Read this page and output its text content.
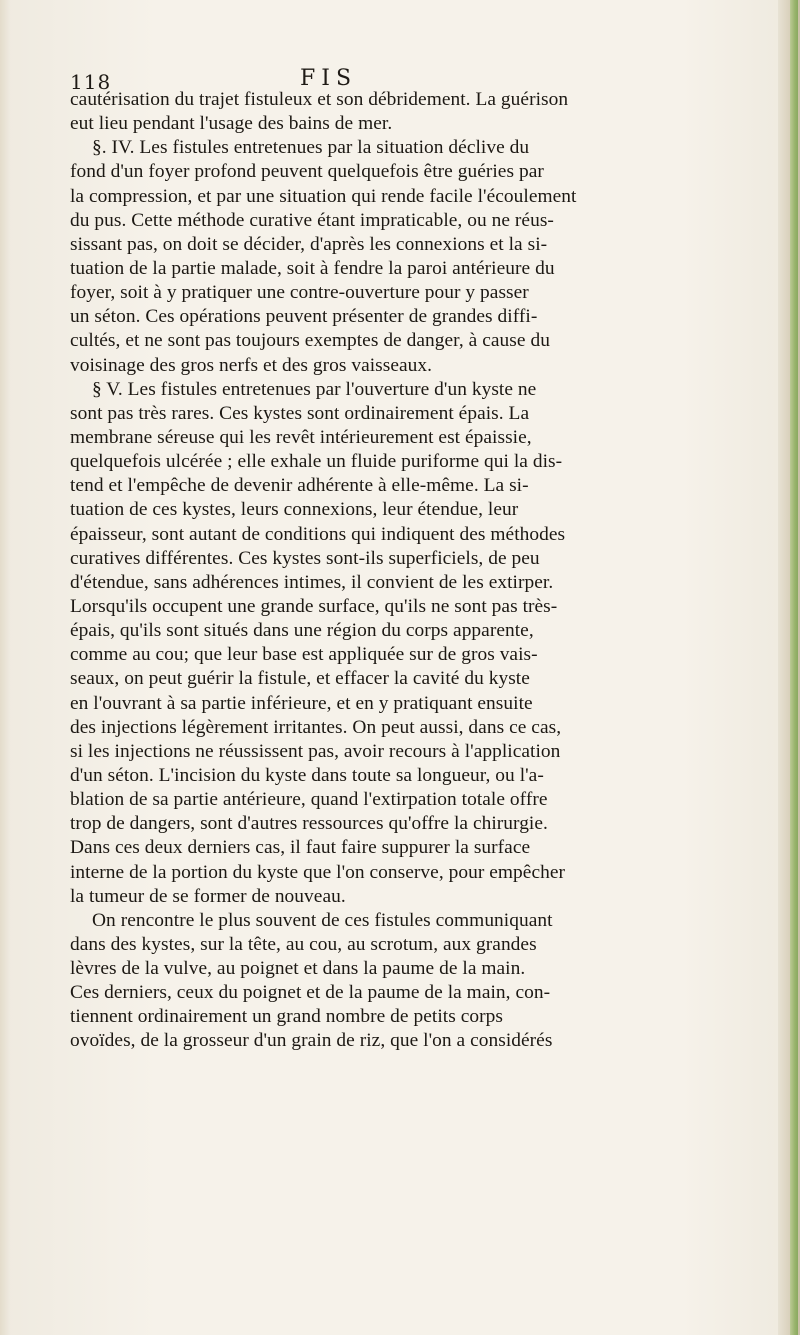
118	FIS
cautérisation du trajet fistuleux et son débridement. La guérison
eut lieu pendant l'usage des bains de mer.
§. IV. Les fistules entretenues par la situation déclive du
fond d'un foyer profond peuvent quelquefois être guéries par
la compression, et par une situation qui rende facile l'écoulement
du pus. Cette méthode curative étant impraticable, ou ne réus-
sissant pas, on doit se décider, d'après les connexions et la si-
tuation de la partie malade, soit à fendre la paroi antérieure du
foyer, soit à y pratiquer une contre-ouverture pour y passer
un séton. Ces opérations peuvent présenter de grandes diffi-
cultés, et ne sont pas toujours exemptes de danger, à cause du
voisinage des gros nerfs et des gros vaisseaux.
§ V. Les fistules entretenues par l'ouverture d'un kyste ne
sont pas très rares. Ces kystes sont ordinairement épais. La
membrane séreuse qui les revêt intérieurement est épaissie,
quelquefois ulcérée ; elle exhale un fluide puriforme qui la dis-
tend et l'empêche de devenir adhérente à elle-même. La si-
tuation de ces kystes, leurs connexions, leur étendue, leur
épaisseur, sont autant de conditions qui indiquent des méthodes
curatives différentes. Ces kystes sont-ils superficiels, de peu
d'étendue, sans adhérences intimes, il convient de les extirper.
Lorsqu'ils occupent une grande surface, qu'ils ne sont pas très-
épais, qu'ils sont situés dans une région du corps apparente,
comme au cou; que leur base est appliquée sur de gros vais-
seaux, on peut guérir la fistule, et effacer la cavité du kyste
en l'ouvrant à sa partie inférieure, et en y pratiquant ensuite
des injections légèrement irritantes. On peut aussi, dans ce cas,
si les injections ne réussissent pas, avoir recours à l'application
d'un séton. L'incision du kyste dans toute sa longueur, ou l'a-
blation de sa partie antérieure, quand l'extirpation totale offre
trop de dangers, sont d'autres ressources qu'offre la chirurgie.
Dans ces deux derniers cas, il faut faire suppurer la surface
interne de la portion du kyste que l'on conserve, pour empêcher
la tumeur de se former de nouveau.
On rencontre le plus souvent de ces fistules communiquant
dans des kystes, sur la tête, au cou, au scrotum, aux grandes
lèvres de la vulve, au poignet et dans la paume de la main.
Ces derniers, ceux du poignet et de la paume de la main, con-
tiennent ordinairement un grand nombre de petits corps
ovoïdes, de la grosseur d'un grain de riz, que l'on a considérés
